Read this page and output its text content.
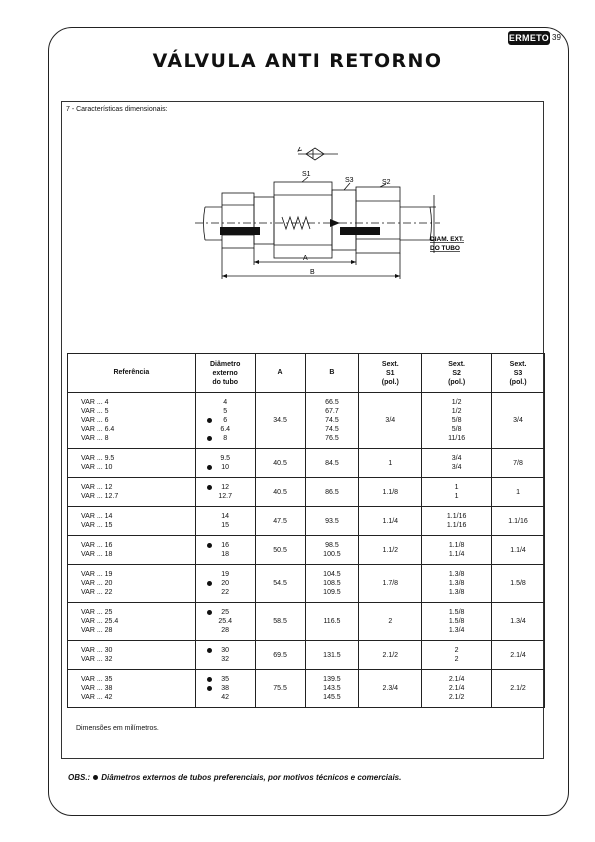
ERMETO 39
VÁLVULA ANTI RETORNO
7 - Características dimensionais:
S1
S3	S2
A
B
DIAM. EXT.
DO TUBO
Referência	Diâmetro
externo
do tubo	A	B	Sext.
S1
(pol.)	Sext.
S2
(pol.)	Sext.
S3
(pol.)

VAR ... 4
VAR ... 5
VAR ... 6
VAR ... 6.4
VAR ... 8	4
5
6
6.4
8	34.5	66.5
67.7
74.5
74.5
76.5	3/4	1/2
1/2
5/8
5/8
11/16	3/4

VAR ... 9.5
VAR ... 10	9.5
10	40.5	84.5	1	3/4
3/4	7/8

VAR ... 12
VAR ... 12.7	12
12.7	40.5	86.5	1.1/8	1
1	1

VAR ... 14
VAR ... 15	14
15	47.5	93.5	1.1/4	1.1/16
1.1/16	1.1/16

VAR ... 16
VAR ... 18	16
18	50.5	98.5
100.5	1.1/2	1.1/8
1.1/4	1.1/4

VAR ... 19
VAR ... 20
VAR ... 22	19
20
22	54.5	104.5
108.5
109.5	1.7/8	1.3/8
1.3/8
1.3/8	1.5/8

VAR ... 25
VAR ... 25.4
VAR ... 28	25
25.4
28	58.5	116.5	2	1.5/8
1.5/8
1.3/4	1.3/4

VAR ... 30
VAR ... 32	30
32	69.5	131.5	2.1/2	2
2	2.1/4

VAR ... 35
VAR ... 38
VAR ... 42	35
38
42	75.5	139.5
143.5
145.5	2.3/4	2.1/4
2.1/4
2.1/2	2.1/2
Dimensões em milímetros.
OBS.: Diâmetros externos de tubos preferenciais, por motivos técnicos e comerciais.
